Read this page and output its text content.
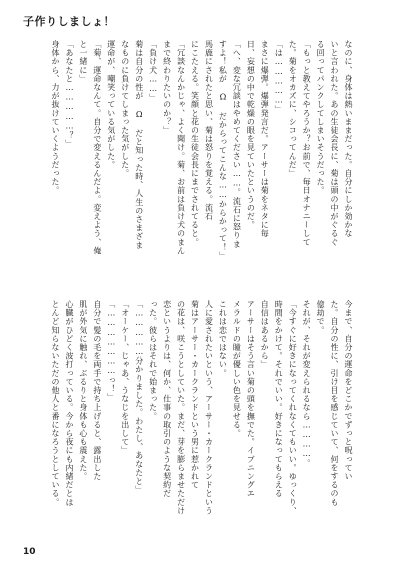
子作りしましょ！
なのに、身体は熱いままだった。自分にしか効かな
いと言われた。あの生徒会長に、菊は頭の中がぐるぐ
る回ってパンクしてしまいそうだった。
「もっと教えてやろうか？お前で、毎日オナニーして
た。菊をオカズに、シコってんだ」
「は……………」
まさに爆弾。爆弾発言だ。アーサーは菊をネタに毎
日、妄想の中で乾燥の眼を見ていたというのだ。
「へ、変な冗談はやめてください……。流石に怒りま
すよ！私が Ω だからってこんな……からかって！」
馬鹿にされたと思い、菊は怒りを覚える。流石
にこたえる。笑顔と花の生徒会長にまでされてると。
「冗談なんかじゃ、よく聞け。菊、お前は負け犬のまん
まで終わりたいのか？」
「負け犬……」
菊は自分の性が Ω だと知った時、人生のさまざま
なものに負けてしまった気がした。
運命が、嘲笑っている気がした。
「菊、運命なんて。自分で変えるんだよ。変えよう、俺
と一緒に」
「あなたと……………？」
身体から、力が抜けていくようだった。
今まで、自分の運命をどこかでずっと呪ってい
た。自分の性に、引け目を感じていて、何をするのも
億劫で。
それが、それが変えられるなら…………。
「今すぐに好きになってくれなくてもいい。ゆっくり、
時間をかけて。それでいい。好きになってもらえる
自信はあるから」
アーサーはそう言い菊の頭を撫でた。イブニングエ
メラルドの瞳が優しい色を見せる。
これは恋ではない。
人に愛されたいという、アーサー・カークランドという
菊はアーサー・カークランドという男に惹かれて
の花は、咲こうとしていた。まだ、芽を膨らませただけ
恋というよりは、何か、仕事の取引のような契約だ
った。彼らはそれで始まった。
「……………分かりました。わたし、あなたと」
「オーケー、じゃあ、うなじを出して」
「…………………っ！」
自分で髪の毛を両手で持ち上げると、露出した
肌が外気に触れ、ぶるりと身体も心も震えた。
心臓がひどく波打っている。今から夜にも内緒だとは
とんど知らないただの他人と番になろうとしている。
10
